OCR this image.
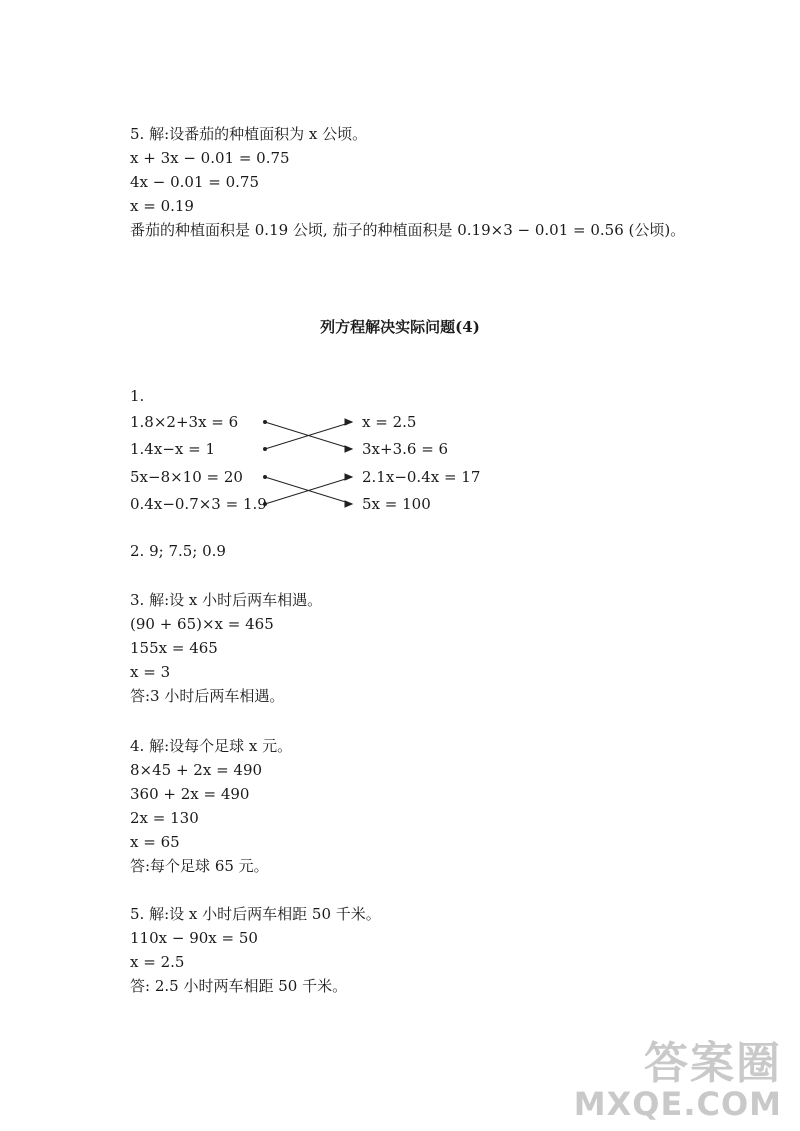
5. 解:设番茄的种植面积为 x 公顷。
x + 3x − 0.01 = 0.75
4x − 0.01 = 0.75
x = 0.19
番茄的种植面积是 0.19 公顷, 茄子的种植面积是 0.19×3 − 0.01 = 0.56 (公顷)。
列方程解决实际问题(4)
1.
1.8×2+3x = 6
1.4x−x = 1
5x−8×10 = 20
0.4x−0.7×3 = 1.9
x = 2.5
3x+3.6 = 6
2.1x−0.4x = 17
5x = 100
2. 9; 7.5; 0.9
3. 解:设 x 小时后两车相遇。
(90 + 65)×x = 465
155x = 465
x = 3
答:3 小时后两车相遇。
4. 解:设每个足球 x 元。
8×45 + 2x = 490
360 + 2x = 490
2x = 130
x = 65
答:每个足球 65 元。
5. 解:设 x 小时后两车相距 50 千米。
110x − 90x = 50
x = 2.5
答: 2.5 小时两车相距 50 千米。
答案圈
MXQE.COM
